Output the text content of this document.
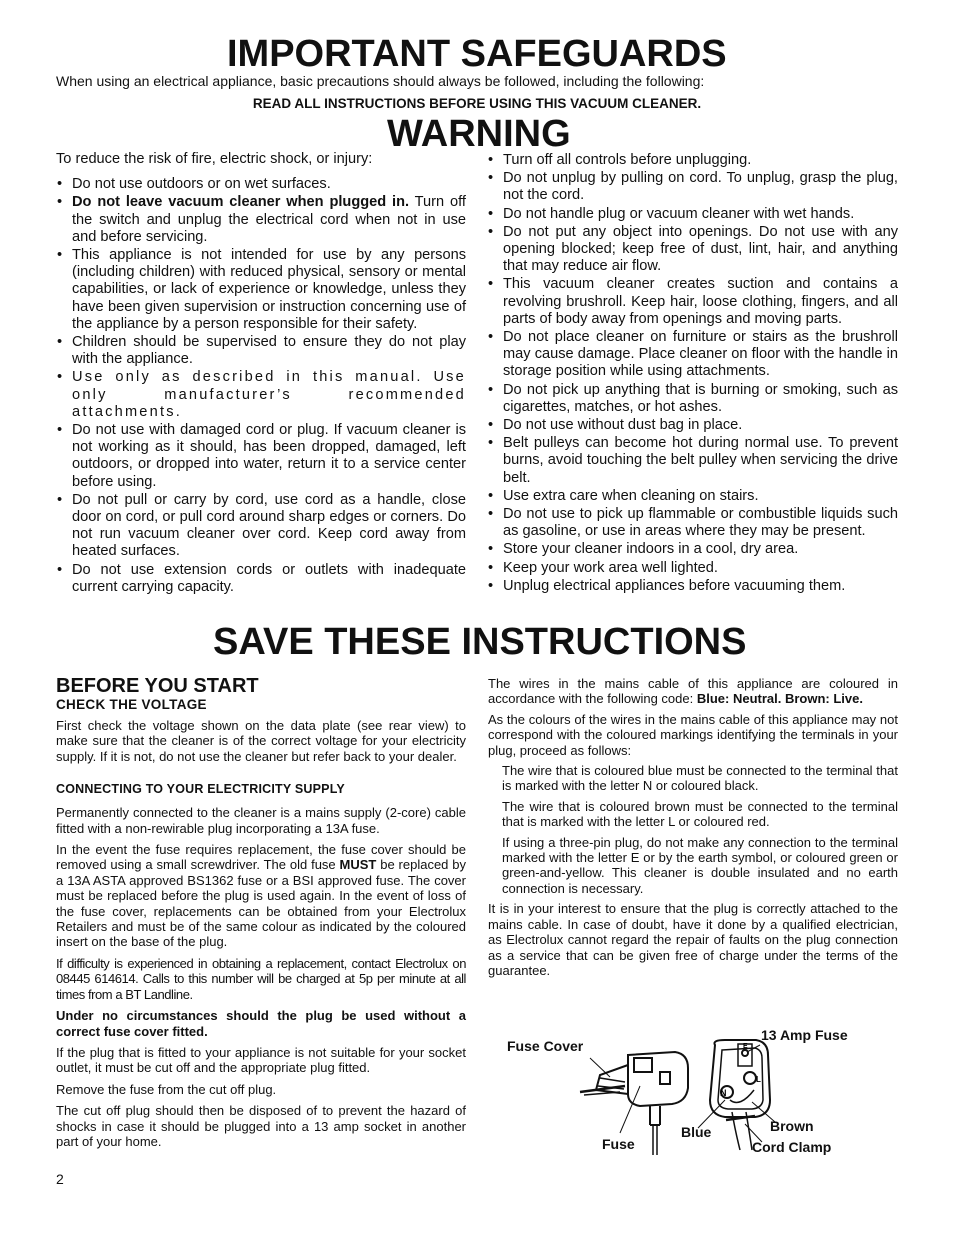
IMPORTANT SAFEGUARDS
When using an electrical appliance, basic precautions should always be followed, including the following:
READ ALL INSTRUCTIONS BEFORE USING THIS VACUUM CLEANER.
WARNING
To reduce the risk of fire, electric shock, or injury:
• Do not use outdoors or on wet surfaces.
• Do not leave vacuum cleaner when plugged in. Turn off the switch and unplug the electrical cord when not in use and before servicing.
• This appliance is not intended for use by any persons (including children) with reduced physical, sensory or mental capabilities, or lack of experience or knowledge, unless they have been given supervision or instruction concerning use of the appliance by a person responsible for their safety.
• Children should be supervised to ensure they do not play with the appliance.
• Use only as described in this manual. Use only manufacturer’s recommended attachments.
• Do not use with damaged cord or plug. If vacuum cleaner is not working as it should, has been dropped, damaged, left outdoors, or dropped into water, return it to a service center before using.
• Do not pull or carry by cord, use cord as a handle, close door on cord, or pull cord around sharp edges or corners. Do not run vacuum cleaner over cord. Keep cord away from heated surfaces.
• Do not use extension cords or outlets with inadequate current carrying capacity.
• Turn off all controls before unplugging.
• Do not unplug by pulling on cord. To unplug, grasp the plug, not the cord.
• Do not handle plug or vacuum cleaner with wet hands.
• Do not put any object into openings. Do not use with any opening blocked; keep free of dust, lint, hair, and anything that may reduce air flow.
• This vacuum cleaner creates suction and contains a revolving brushroll. Keep hair, loose clothing, fingers, and all parts of body away from openings and moving parts.
• Do not place cleaner on furniture or stairs as the brushroll may cause damage. Place cleaner on floor with the handle in storage position while using attachments.
• Do not pick up anything that is burning or smoking, such as cigarettes, matches, or hot ashes.
• Do not use without dust bag in place.
• Belt pulleys can become hot during normal use. To prevent burns, avoid touching the belt pulley when servicing the drive belt.
• Use extra care when cleaning on stairs.
• Do not use to pick up flammable or combustible liquids such as gasoline, or use in areas where they may be present.
• Store your cleaner indoors in a cool, dry area.
• Keep your work area well lighted.
• Unplug electrical appliances before vacuuming them.
SAVE THESE INSTRUCTIONS
BEFORE YOU START
CHECK THE VOLTAGE

First check the voltage shown on the data plate (see rear view) to make sure that the cleaner is of the correct voltage for your electricity supply. If it is not, do not use the cleaner but refer back to your dealer.

CONNECTING TO YOUR ELECTRICITY SUPPLY

Permanently connected to the cleaner is a mains supply (2-core) cable fitted with a non-rewirable plug incorporating a 13A fuse.

In the event the fuse requires replacement, the fuse cover should be removed using a small screwdriver. The old fuse MUST be replaced by a 13A ASTA approved BS1362 fuse or a BSI approved fuse. The cover must be replaced before the plug is used again. In the event of loss of the fuse cover, replacements can be obtained from your Electrolux Retailers and must be of the same colour as indicated by the coloured insert on the base of the plug.

If difficulty is experienced in obtaining a replacement, contact Electrolux on 08445 614614. Calls to this number will be charged at 5p per minute at all times from a BT Landline.

Under no circumstances should the plug be used without a correct fuse cover fitted.

If the plug that is fitted to your appliance is not suitable for your socket outlet, it must be cut off and the appropriate plug fitted.

Remove the fuse from the cut off plug.

The cut off plug should then be disposed of to prevent the hazard of shocks in case it should be plugged into a 13 amp socket in another part of your home.

The wires in the mains cable of this appliance are coloured in accordance with the following code: Blue: Neutral. Brown: Live.

As the colours of the wires in the mains cable of this appliance may not correspond with the coloured markings identifying the terminals in your plug, proceed as follows:

The wire that is coloured blue must be connected to the terminal that is marked with the letter N or coloured black.

The wire that is coloured brown must be connected to the terminal that is marked with the letter L or coloured red.

If using a three-pin plug, do not make any connection to the terminal marked with the letter E or by the earth symbol, or coloured green or green-and-yellow. This cleaner is double insulated and no earth connection is necessary.

It is in your interest to ensure that the plug is correctly attached to the mains cable. In case of doubt, have it done by a qualified electrician, as Electrolux cannot regard the repair of faults on the plug connection as a service that can be given free of charge under the terms of the guarantee.

N
E
L
Fuse Cover
13 Amp Fuse
Fuse
Blue	Brown
Cord Clamp
2
